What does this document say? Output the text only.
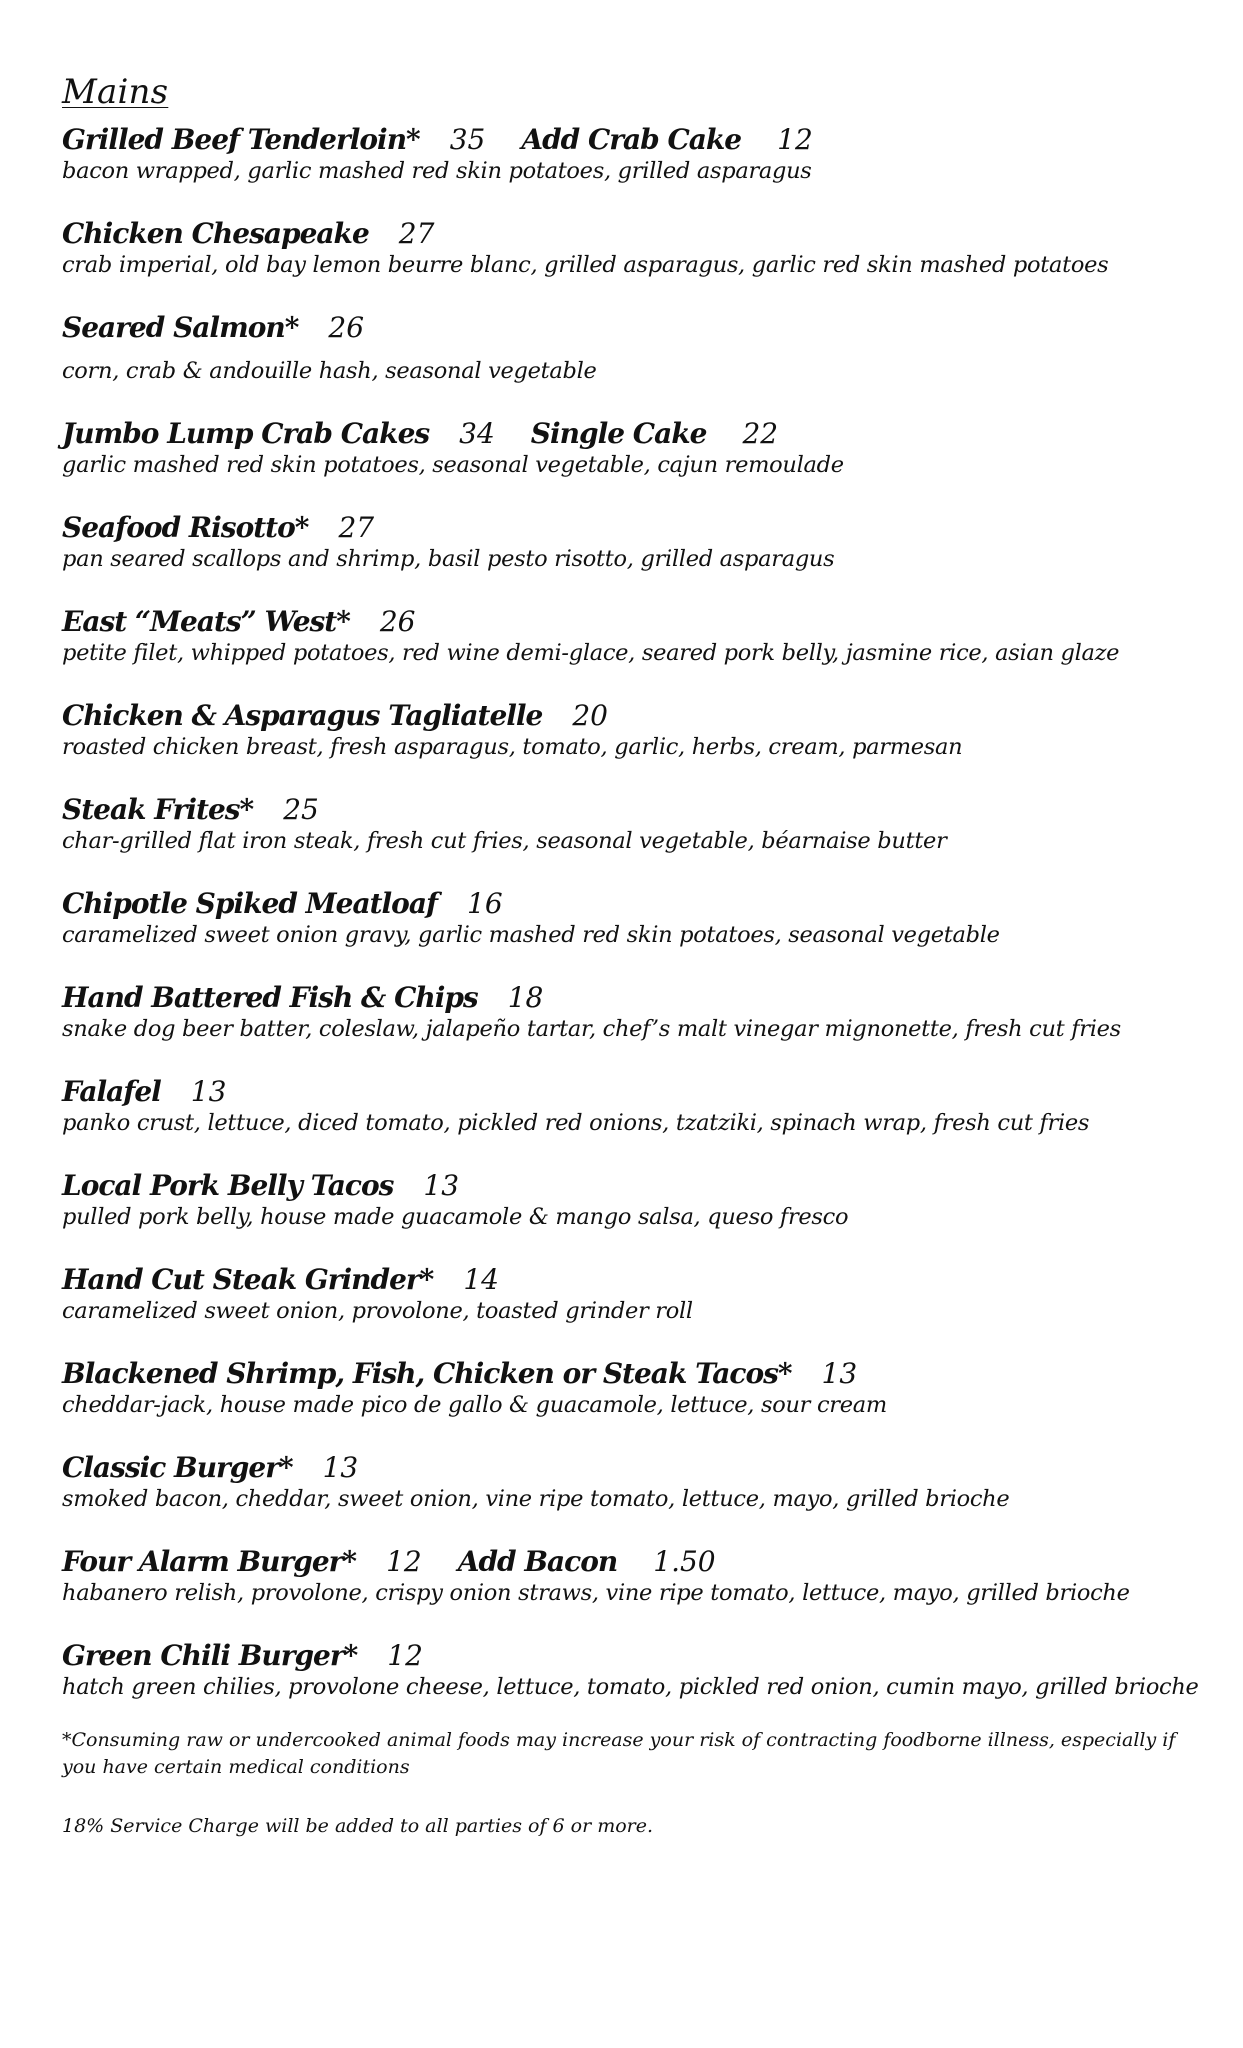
Mains
Grilled Beef Tenderloin* 35 Add Crab Cake 12
bacon wrapped, garlic mashed red skin potatoes, grilled asparagus
Chicken Chesapeake 27
crab imperial, old bay lemon beurre blanc, grilled asparagus, garlic red skin mashed potatoes
Seared Salmon* 26
corn, crab & andouille hash, seasonal vegetable
Jumbo Lump Crab Cakes 34 Single Cake 22
garlic mashed red skin potatoes, seasonal vegetable, cajun remoulade
Seafood Risotto* 27
pan seared scallops and shrimp, basil pesto risotto, grilled asparagus
East “Meats” West* 26
petite filet, whipped potatoes, red wine demi-glace, seared pork belly, jasmine rice, asian glaze
Chicken & Asparagus Tagliatelle 20
roasted chicken breast, fresh asparagus, tomato, garlic, herbs, cream, parmesan
Steak Frites* 25
char-grilled flat iron steak, fresh cut fries, seasonal vegetable, béarnaise butter
Chipotle Spiked Meatloaf 16
caramelized sweet onion gravy, garlic mashed red skin potatoes, seasonal vegetable
Hand Battered Fish & Chips 18
snake dog beer batter, coleslaw, jalapeño tartar, chef’s malt vinegar mignonette, fresh cut fries
Falafel 13
panko crust, lettuce, diced tomato, pickled red onions, tzatziki, spinach wrap, fresh cut fries
Local Pork Belly Tacos 13
pulled pork belly, house made guacamole & mango salsa, queso fresco
Hand Cut Steak Grinder* 14
caramelized sweet onion, provolone, toasted grinder roll
Blackened Shrimp, Fish, Chicken or Steak Tacos* 13
cheddar-jack, house made pico de gallo & guacamole, lettuce, sour cream
Classic Burger* 13
smoked bacon, cheddar, sweet onion, vine ripe tomato, lettuce, mayo, grilled brioche
Four Alarm Burger* 12 Add Bacon 1.50
habanero relish, provolone, crispy onion straws, vine ripe tomato, lettuce, mayo, grilled brioche
Green Chili Burger* 12
hatch green chilies, provolone cheese, lettuce, tomato, pickled red onion, cumin mayo, grilled brioche

*Consuming raw or undercooked animal foods may increase your risk of contracting foodborne illness, especially if you have certain medical conditions

18% Service Charge will be added to all parties of 6 or more.
